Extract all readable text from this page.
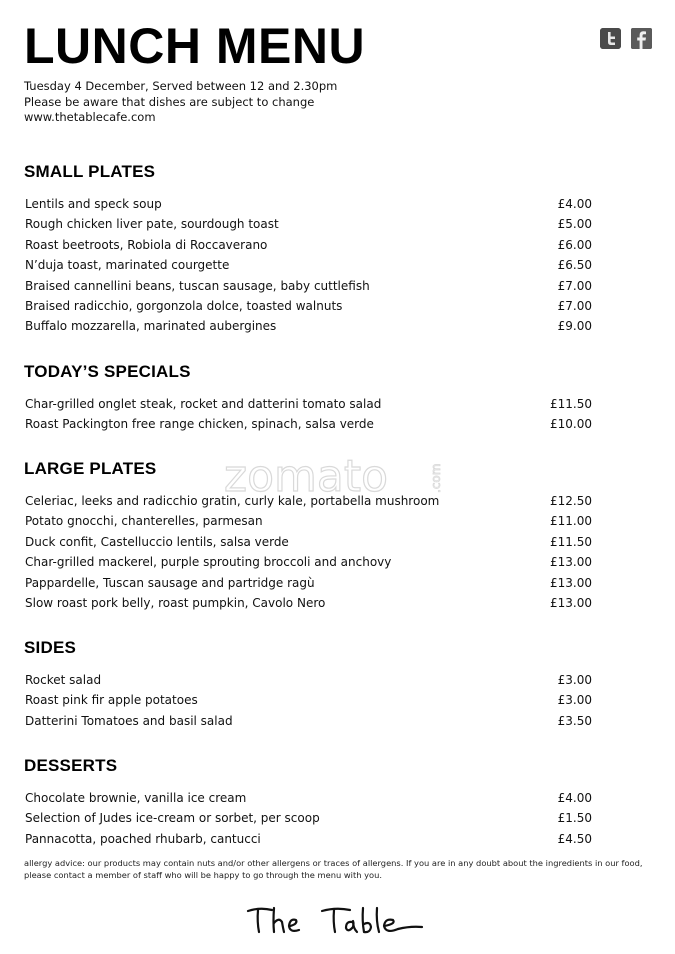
LUNCH MENU
Tuesday 4 December, Served between 12 and 2.30pm
Please be aware that dishes are subject to change
www.thetablecafe.com
SMALL PLATES
Lentils and speck soup	£4.00
Rough chicken liver pate, sourdough toast	£5.00
Roast beetroots, Robiola di Roccaverano	£6.00
N’duja toast, marinated courgette	£6.50
Braised cannellini beans, tuscan sausage, baby cuttlefish	£7.00
Braised radicchio, gorgonzola dolce, toasted walnuts	£7.00
Buffalo mozzarella, marinated aubergines	£9.00
TODAY’S SPECIALS
Char-grilled onglet steak, rocket and datterini tomato salad	£11.50
Roast Packington free range chicken, spinach, salsa verde	£10.00
LARGE PLATES
Celeriac, leeks and radicchio gratin, curly kale, portabella mushroom	£12.50
Potato gnocchi, chanterelles, parmesan	£11.00
Duck confit, Castelluccio lentils, salsa verde	£11.50
Char-grilled mackerel, purple sprouting broccoli and anchovy	£13.00
Pappardelle, Tuscan sausage and partridge ragù	£13.00
Slow roast pork belly, roast pumpkin, Cavolo Nero	£13.00
SIDES
Rocket salad	£3.00
Roast pink fir apple potatoes	£3.00
Datterini Tomatoes and basil salad	£3.50
DESSERTS
Chocolate brownie, vanilla ice cream	£4.00
Selection of Judes ice-cream or sorbet, per scoop	£1.50
Pannacotta, poached rhubarb, cantucci	£4.50
zomato	.com
allergy advice: our products may contain nuts and/or other allergens or traces of allergens. If you are in any doubt about the ingredients in our food,
please contact a member of staff who will be happy to go through the menu with you.
